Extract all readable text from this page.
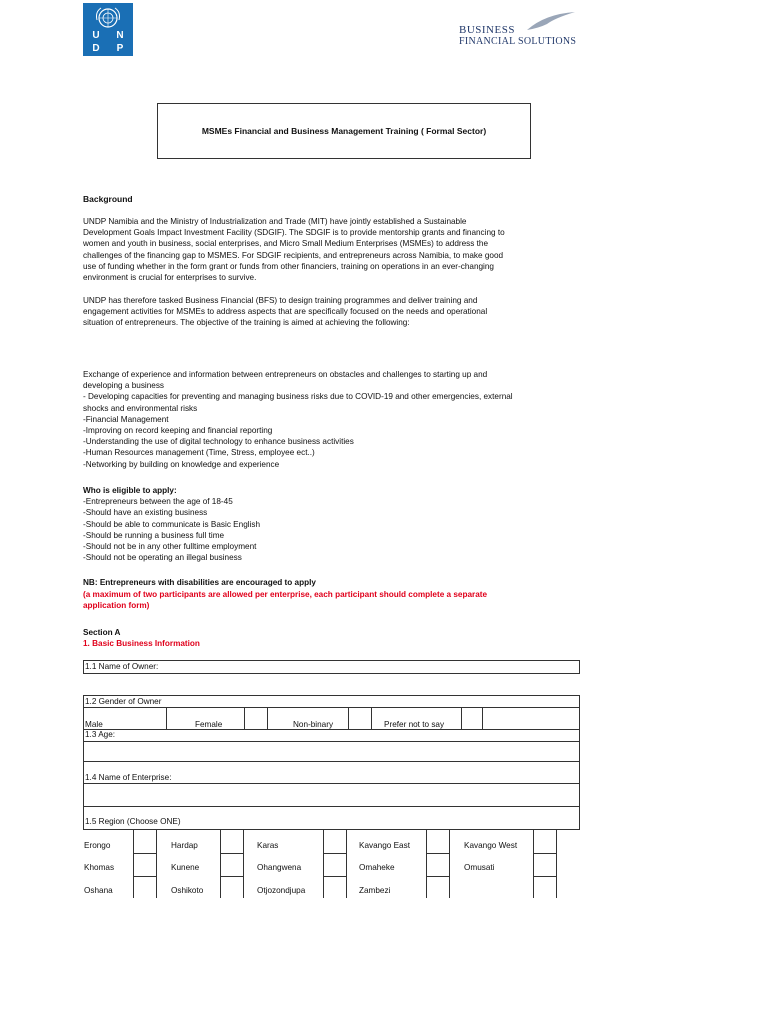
U	N
D	P
BUSINESS
FINANCIAL SOLUTIONS
MSMEs Financial and Business Management Training ( Formal Sector)
Background
UNDP Namibia and the Ministry of Industrialization and Trade (MIT) have jointly established a Sustainable
Development Goals Impact Investment Facility (SDGIF). The SDGIF is to provide mentorship grants and financing to
women and youth in business, social enterprises, and Micro Small Medium Enterprises (MSMEs) to address the
challenges of the financing gap to MSMES. For SDGIF recipients, and entrepreneurs across Namibia, to make good
use of funding whether in the form grant or funds from other financiers, training on operations in an ever-changing
environment is crucial for enterprises to survive.
UNDP has therefore tasked Business Financial (BFS) to design training programmes and deliver training and
engagement activities for MSMEs to address aspects that are specifically focused on the needs and operational
situation of entrepreneurs. The objective of the training is aimed at achieving the following:
Exchange of experience and information between entrepreneurs on obstacles and challenges to starting up and
developing a business
- Developing capacities for preventing and managing business risks due to COVID-19 and other emergencies, external
shocks and environmental risks
-Financial Management
-Improving on record keeping and financial reporting
-Understanding the use of digital technology to enhance business activities
-Human Resources management (Time, Stress, employee ect..)
-Networking by building on knowledge and experience
Who is eligible to apply:
-Entrepreneurs between the age of 18-45
-Should have an existing business
-Should be able to communicate is Basic English
-Should be running a business full time
-Should not be in any other fulltime employment
-Should not be operating an illegal business
NB: Entrepreneurs with disabilities are encouraged to apply
(a maximum of two participants are allowed per enterprise, each participant should complete a separate
application form)
Section A
1. Basic Business Information
1.1 Name of Owner:
1.2 Gender of Owner
Male	Female	Non-binary	Prefer not to say
1.3 Age:
1.4 Name of Enterprise:
1.5 Region (Choose ONE)
Erongo	Hardap	Karas	Kavango East	Kavango West
Khomas	Kunene	Ohangwena	Omaheke	Omusati
Oshana	Oshikoto	Otjozondjupa	Zambezi
